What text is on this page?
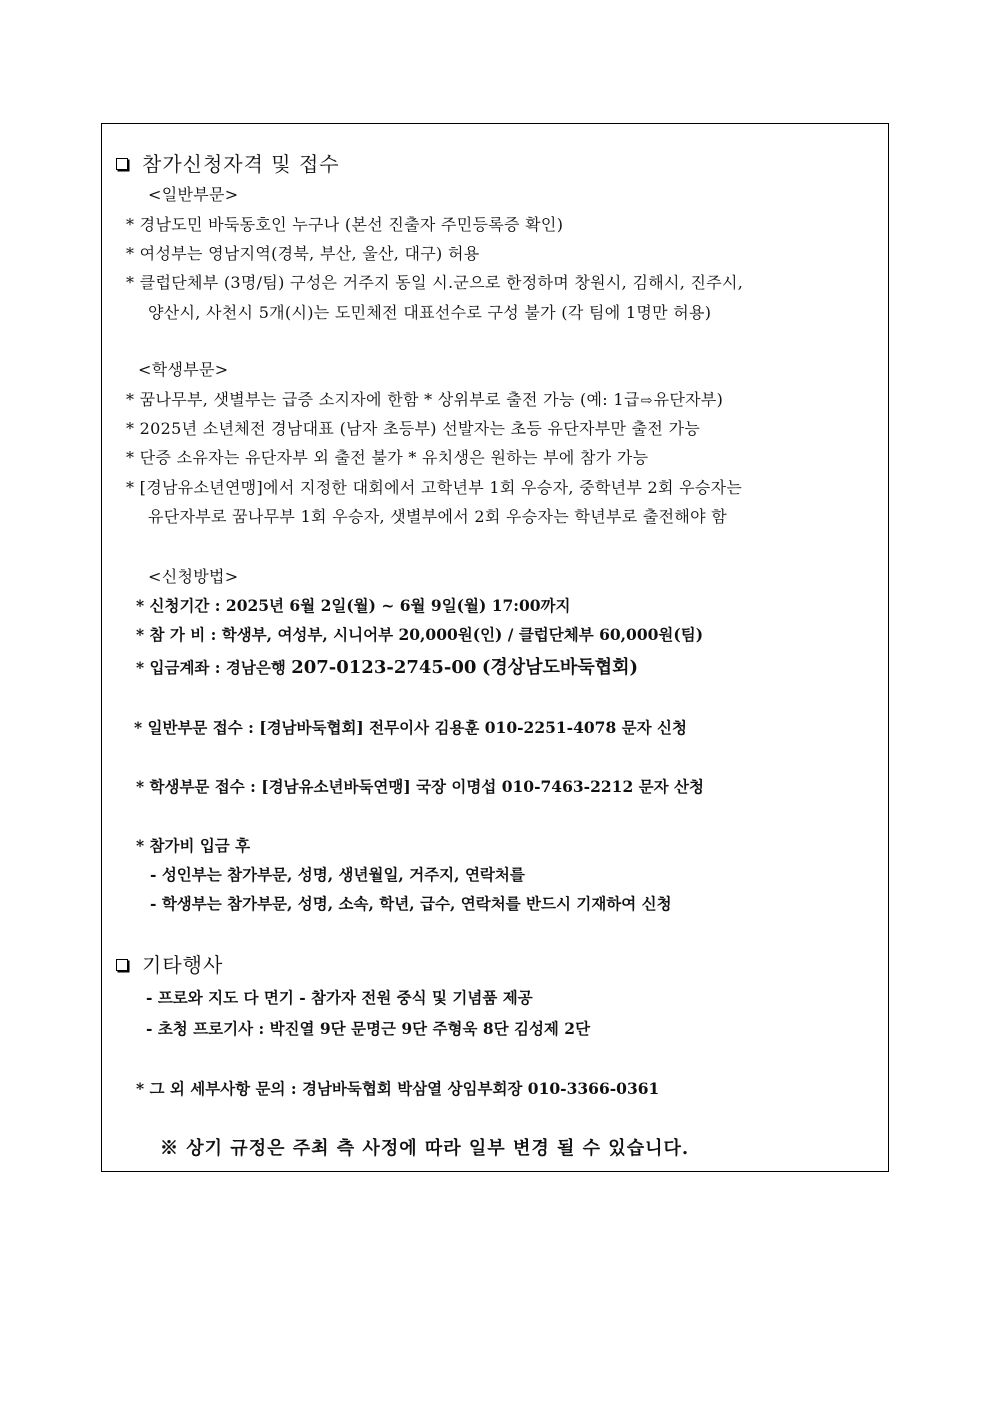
참가신청자격 및 접수
<일반부문>
* 경남도민 바둑동호인 누구나 (본선 진출자 주민등록증 확인)
* 여성부는 영남지역(경북, 부산, 울산, 대구) 허용
* 클럽단체부 (3명/팀) 구성은 거주지 동일 시.군으로 한정하며 창원시, 김해시, 진주시,
양산시, 사천시 5개(시)는 도민체전 대표선수로 구성 불가 (각 팀에 1명만 허용)
<학생부문>
* 꿈나무부, 샛별부는 급증 소지자에 한함 * 상위부로 출전 가능 (예: 1급⇨유단자부)
* 2025년 소년체전 경남대표 (남자 초등부) 선발자는 초등 유단자부만 출전 가능
* 단증 소유자는 유단자부 외 출전 불가 * 유치생은 원하는 부에 참가 가능
* [경남유소년연맹]에서 지정한 대회에서 고학년부 1회 우승자, 중학년부 2회 우승자는
유단자부로 꿈나무부 1회 우승자, 샛별부에서 2회 우승자는 학년부로 출전해야 함
<신청방법>
* 신청기간 : 2025년 6월 2일(월) ~ 6월 9일(월) 17:00까지
* 참 가 비 : 학생부, 여성부, 시니어부 20,000원(인) / 클럽단체부 60,000원(팀)
* 입금계좌 : 경남은행 207-0123-2745-00 (경상남도바둑협회)
* 일반부문 접수 : [경남바둑협회] 전무이사 김용훈 010-2251-4078 문자 신청
* 학생부문 접수 : [경남유소년바둑연맹] 국장 이명섭 010-7463-2212 문자 산청
* 참가비 입금 후
- 성인부는 참가부문, 성명, 생년월일, 거주지, 연락처를
- 학생부는 참가부문, 성명, 소속, 학년, 급수, 연락처를 반드시 기재하여 신청
기타행사
- 프로와 지도 다 면기 - 참가자 전원 중식 및 기념품 제공
- 초청 프로기사 : 박진열 9단 문명근 9단 주형욱 8단 김성제 2단
* 그 외 세부사항 문의 : 경남바둑협회 박삼열 상임부회장 010-3366-0361
※ 상기 규정은 주최 측 사정에 따라 일부 변경 될 수 있습니다.
